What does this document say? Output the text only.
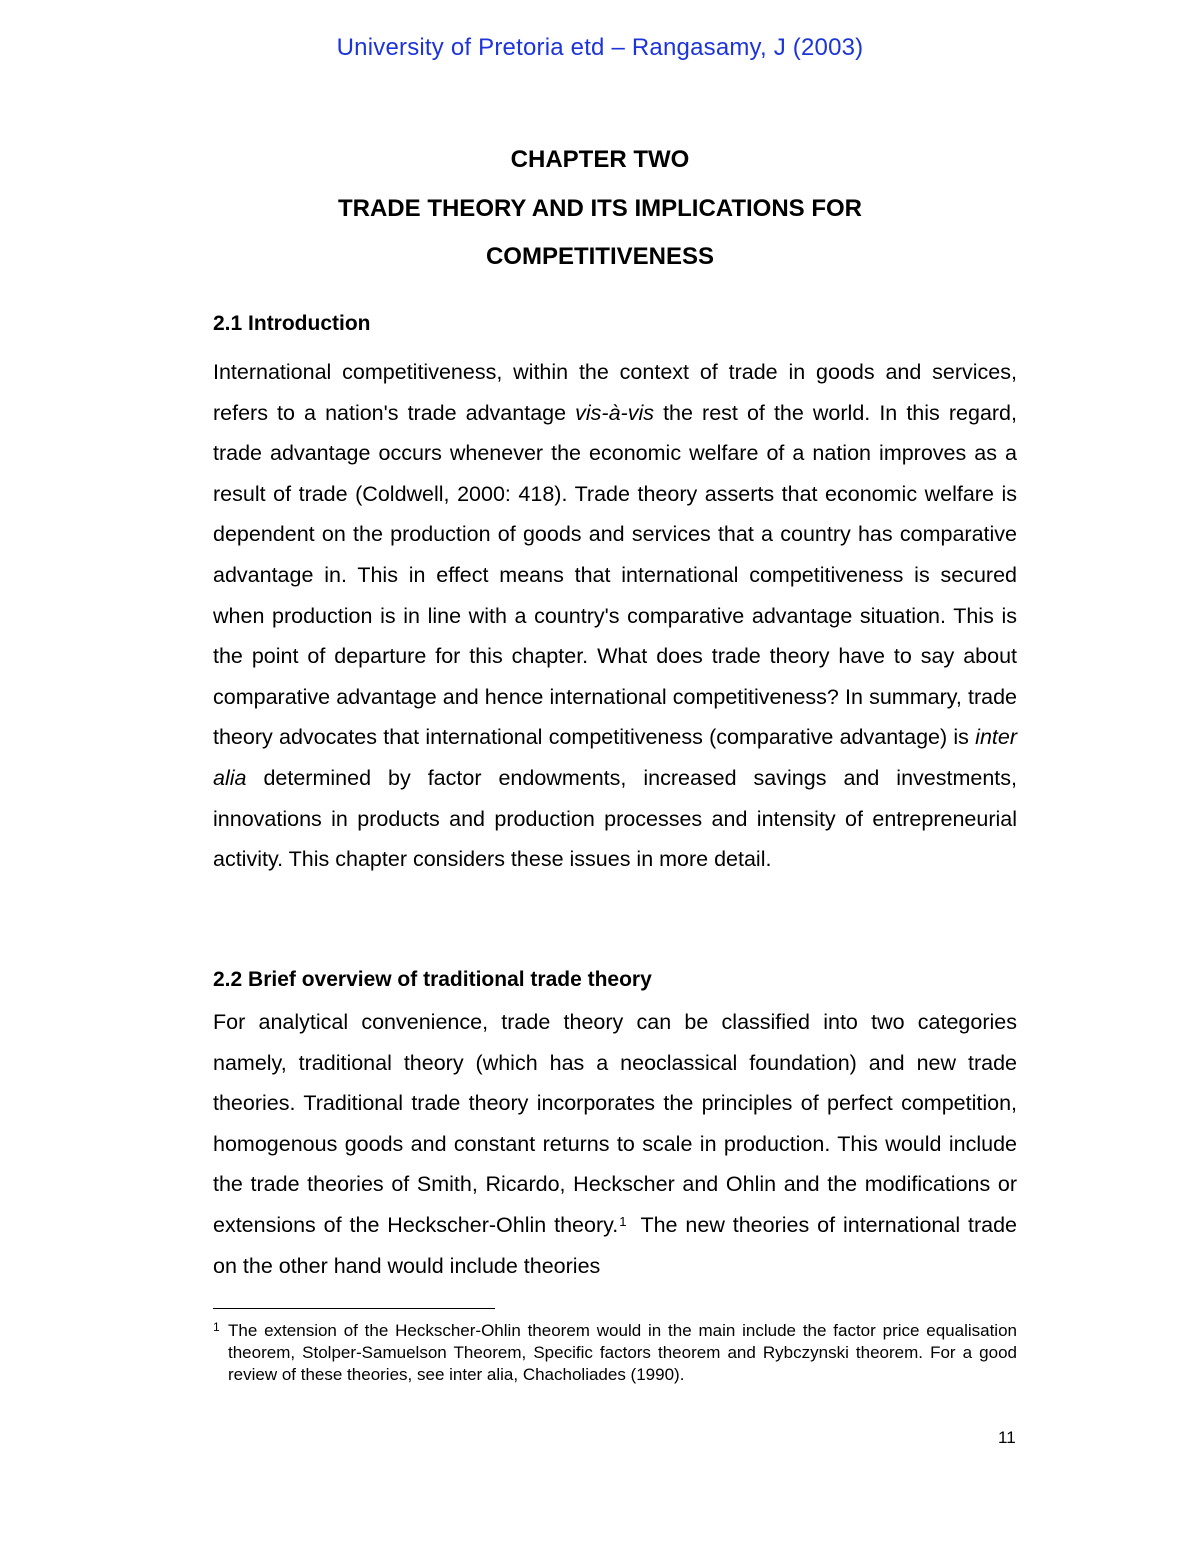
University of Pretoria etd – Rangasamy, J (2003)
CHAPTER TWO
TRADE THEORY AND ITS IMPLICATIONS FOR
COMPETITIVENESS
2.1 Introduction

International competitiveness, within the context of trade in goods and services, refers to a nation's trade advantage vis-à-vis the rest of the world. In this regard, trade advantage occurs whenever the economic welfare of a nation improves as a result of trade (Coldwell, 2000: 418). Trade theory asserts that economic welfare is dependent on the production of goods and services that a country has comparative advantage in. This in effect means that international competitiveness is secured when production is in line with a country's comparative advantage situation. This is the point of departure for this chapter. What does trade theory have to say about comparative advantage and hence international competitiveness? In summary, trade theory advocates that international competitiveness (comparative advantage) is inter alia determined by factor endowments, increased savings and investments, innovations in products and production processes and intensity of entrepreneurial activity. This chapter considers these issues in more detail.

2.2 Brief overview of traditional trade theory

For analytical convenience, trade theory can be classified into two categories namely, traditional theory (which has a neoclassical foundation) and new trade theories. Traditional trade theory incorporates the principles of perfect competition, homogenous goods and constant returns to scale in production. This would include the trade theories of Smith, Ricardo, Heckscher and Ohlin and the modifications or extensions of the Heckscher-Ohlin theory.$^1$ The new theories of international trade on the other hand would include theories

1 The extension of the Heckscher-Ohlin theorem would in the main include the factor price equalisation theorem, Stolper-Samuelson Theorem, Specific factors theorem and Rybczynski theorem. For a good review of these theories, see inter alia, Chacholiades (1990).
11
